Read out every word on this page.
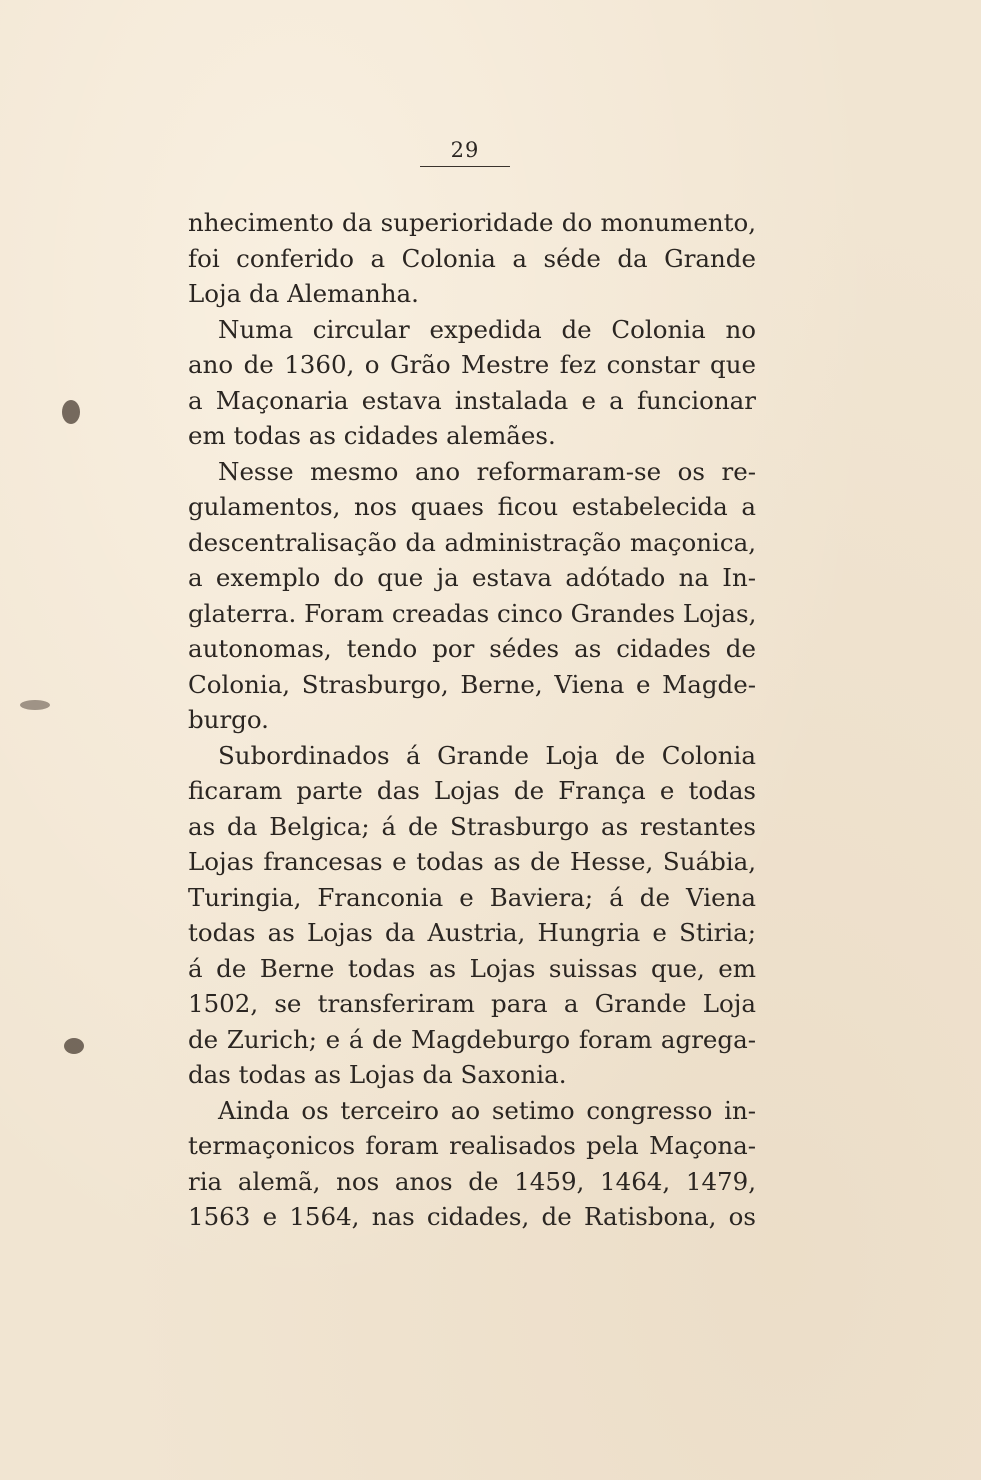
29
nhecimento da superioridade do monumento,
foi conferido a Colonia a séde da Grande
Loja da Alemanha.
Numa circular expedida de Colonia no
ano de 1360, o Grão Mestre fez constar que
a Maçonaria estava instalada e a funcionar
em todas as cidades alemães.
Nesse mesmo ano reformaram-se os re-
gulamentos, nos quaes ficou estabelecida a
descentralisação da administração maçonica,
a exemplo do que ja estava adótado na In-
glaterra. Foram creadas cinco Grandes Lojas,
autonomas, tendo por sédes as cidades de
Colonia, Strasburgo, Berne, Viena e Magde-
burgo.
Subordinados á Grande Loja de Colonia
ficaram parte das Lojas de França e todas
as da Belgica; á de Strasburgo as restantes
Lojas francesas e todas as de Hesse, Suábia,
Turingia, Franconia e Baviera; á de Viena
todas as Lojas da Austria, Hungria e Stiria;
á de Berne todas as Lojas suissas que, em
1502, se transferiram para a Grande Loja
de Zurich; e á de Magdeburgo foram agrega-
das todas as Lojas da Saxonia.
Ainda os terceiro ao setimo congresso in-
termaçonicos foram realisados pela Maçona-
ria alemã, nos anos de 1459, 1464, 1479,
1563 e 1564, nas cidades, de Ratisbona, os
